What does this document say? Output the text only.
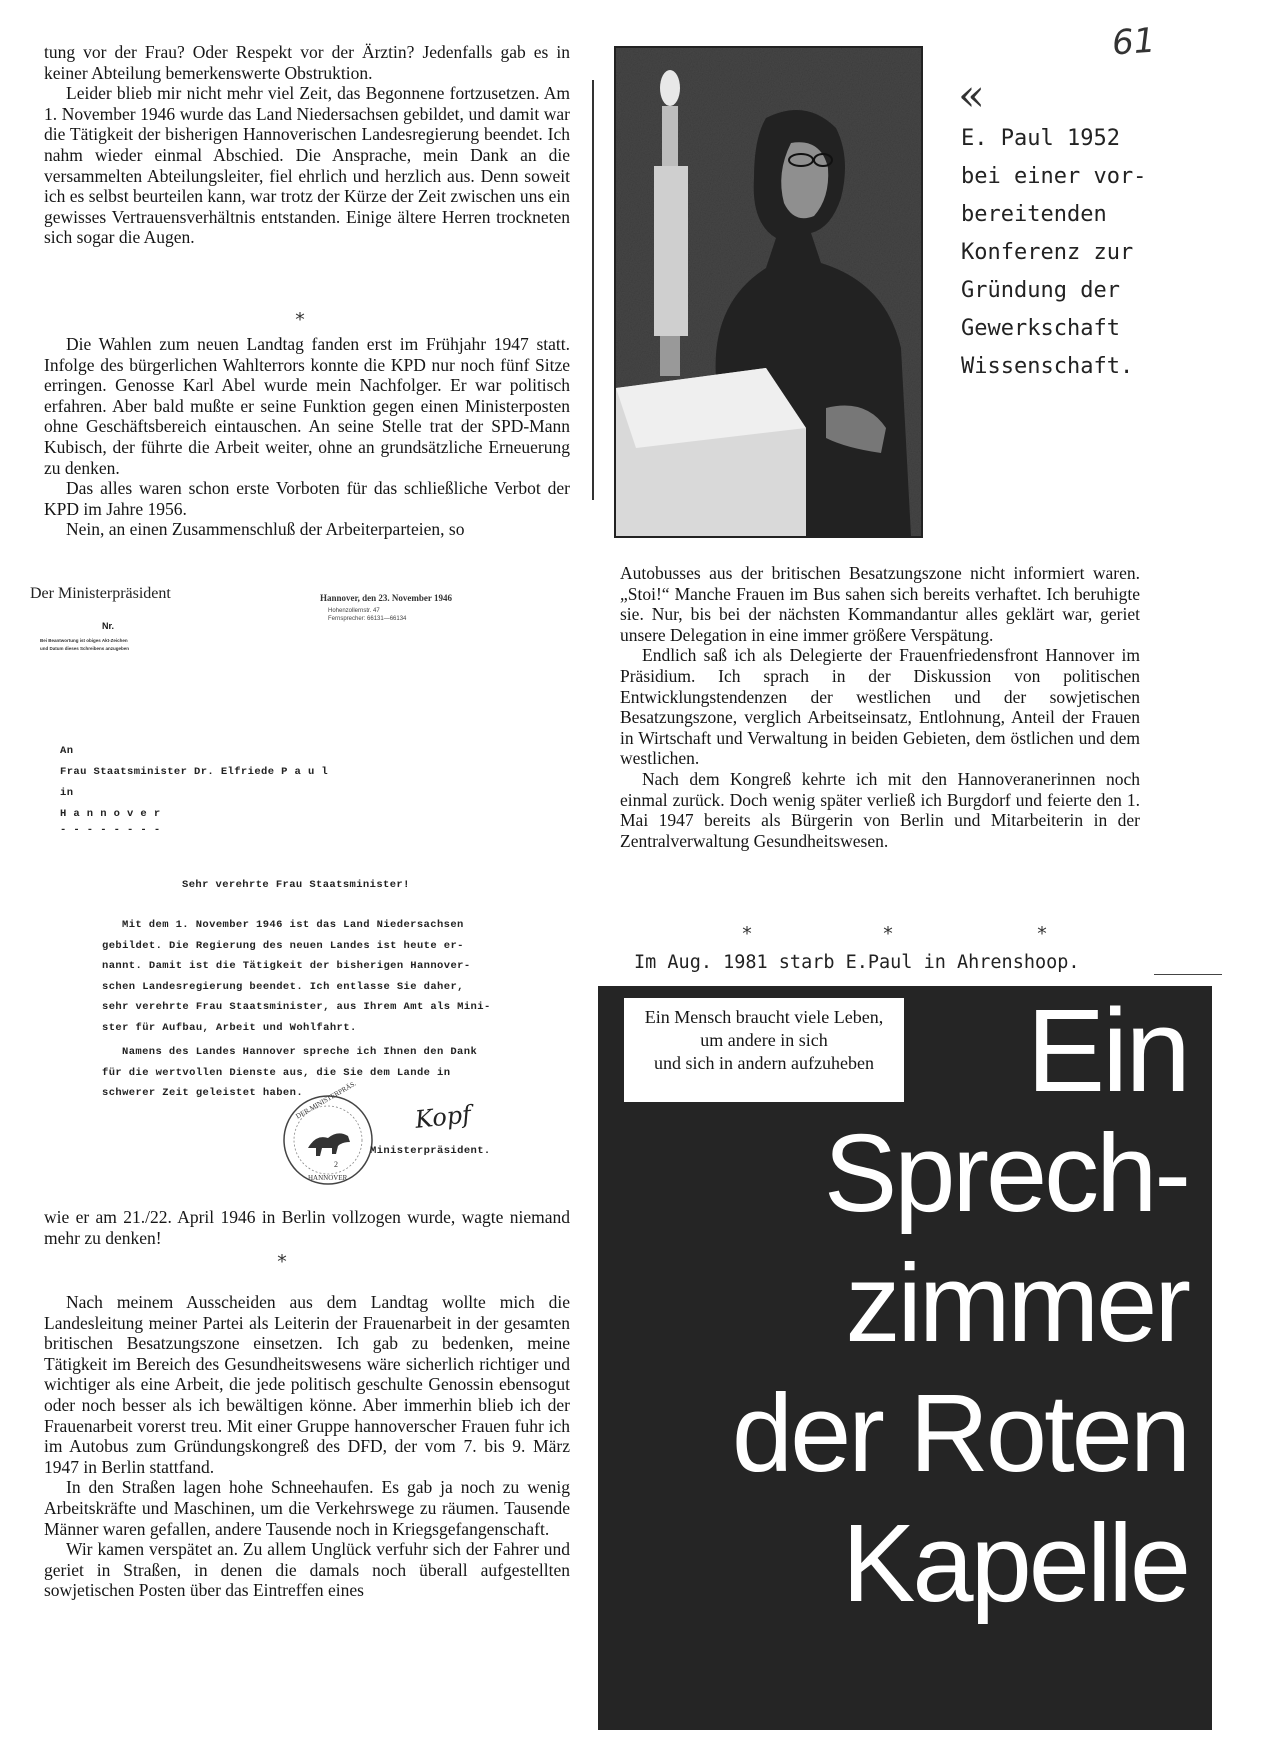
61

tung vor der Frau? Oder Respekt vor der Ärztin? Jedenfalls gab es in keiner Abteilung bemerkenswerte Obstruktion.

Leider blieb mir nicht mehr viel Zeit, das Begonnene fortzusetzen. Am 1. November 1946 wurde das Land Niedersachsen gebildet, und damit war die Tätigkeit der bisherigen Hannoverischen Landesregierung beendet. Ich nahm wieder einmal Abschied. Die Ansprache, mein Dank an die versammelten Abteilungsleiter, fiel ehrlich und herzlich aus. Denn soweit ich es selbst beurteilen kann, war trotz der Kürze der Zeit zwischen uns ein gewisses Vertrauensverhältnis entstanden. Einige ältere Herren trockneten sich sogar die Augen.

*

Die Wahlen zum neuen Landtag fanden erst im Frühjahr 1947 statt. Infolge des bürgerlichen Wahlterrors konnte die KPD nur noch fünf Sitze erringen. Genosse Karl Abel wurde mein Nachfolger. Er war politisch erfahren. Aber bald mußte er seine Funktion gegen einen Ministerposten ohne Geschäftsbereich eintauschen. An seine Stelle trat der SPD-Mann Kubisch, der führte die Arbeit weiter, ohne an grundsätzliche Erneuerung zu denken.

Das alles waren schon erste Vorboten für das schließliche Verbot der KPD im Jahre 1956.

Nein, an einen Zusammenschluß der Arbeiterparteien, so

Der Ministerpräsident	Hannover, den 23. November 1946
Hohenzollernstr. 47
Fernsprecher: 66131—66134
Nr.
Bei Beantwortung ist obiges Akt-Zeichen
und Datum dieses Schreibens anzugeben
An
Frau Staatsminister Dr. Elfriede P a u l
in
H a n n o v e r
- - - - - - - -
Sehr verehrte Frau Staatsminister!
Mit dem 1. November 1946 ist das Land Niedersachsen
gebildet. Die Regierung des neuen Landes ist heute er-
nannt. Damit ist die Tätigkeit der bisherigen Hannover-
schen Landesregierung beendet. Ich entlasse Sie daher,
sehr verehrte Frau Staatsminister, aus Ihrem Amt als Mini-
ster für Aufbau, Arbeit und Wohlfahrt.
Namens des Landes Hannover spreche ich Ihnen den Dank
für die wertvollen Dienste aus, die Sie dem Lande in
schwerer Zeit geleistet haben.
DER MINISTERPRÄS.
HANNOVER
2
Kopf
Ministerpräsident.

wie er am 21./22. April 1946 in Berlin vollzogen wurde, wagte niemand mehr zu denken!

*

Nach meinem Ausscheiden aus dem Landtag wollte mich die Landesleitung meiner Partei als Leiterin der Frauenarbeit in der gesamten britischen Besatzungszone einsetzen. Ich gab zu bedenken, meine Tätigkeit im Bereich des Gesundheitswesens wäre sicherlich richtiger und wichtiger als eine Arbeit, die jede politisch geschulte Genossin ebensogut oder noch besser als ich bewältigen könne. Aber immerhin blieb ich der Frauenarbeit vorerst treu. Mit einer Gruppe hannoverscher Frauen fuhr ich im Autobus zum Gründungskongreß des DFD, der vom 7. bis 9. März 1947 in Berlin stattfand.

In den Straßen lagen hohe Schneehaufen. Es gab ja noch zu wenig Arbeitskräfte und Maschinen, um die Verkehrswege zu räumen. Tausende Männer waren gefallen, andere Tausende noch in Kriegsgefangenschaft.

Wir kamen verspätet an. Zu allem Unglück verfuhr sich der Fahrer und geriet in Straßen, in denen die damals noch überall aufgestellten sowjetischen Posten über das Eintreffen eines

«
E. Paul 1952
bei einer vor-
bereitenden
Konferenz zur
Gründung der
Gewerkschaft
Wissenschaft.

Autobusses aus der britischen Besatzungszone nicht informiert waren. „Stoi!“ Manche Frauen im Bus sahen sich bereits verhaftet. Ich beruhigte sie. Nur, bis bei der nächsten Kommandantur alles geklärt war, geriet unsere Delegation in eine immer größere Verspätung.

Endlich saß ich als Delegierte der Frauenfriedensfront Hannover im Präsidium. Ich sprach in der Diskussion von politischen Entwicklungstendenzen der westlichen und der sowjetischen Besatzungszone, verglich Arbeitseinsatz, Entlohnung, Anteil der Frauen in Wirtschaft und Verwaltung in beiden Gebieten, dem östlichen und dem westlichen.

Nach dem Kongreß kehrte ich mit den Hannoveranerinnen noch einmal zurück. Doch wenig später verließ ich Burgdorf und feierte den 1. Mai 1947 bereits als Bürgerin von Berlin und Mitarbeiterin in der Zentralverwaltung Gesundheitswesen.

*	*	*
Im Aug. 1981 starb E.Paul in Ahrenshoop.
Ein
Sprech-
zimmer
der Roten
Kapelle
Ein Mensch braucht viele Leben,
um andere in sich
und sich in andern aufzuheben
